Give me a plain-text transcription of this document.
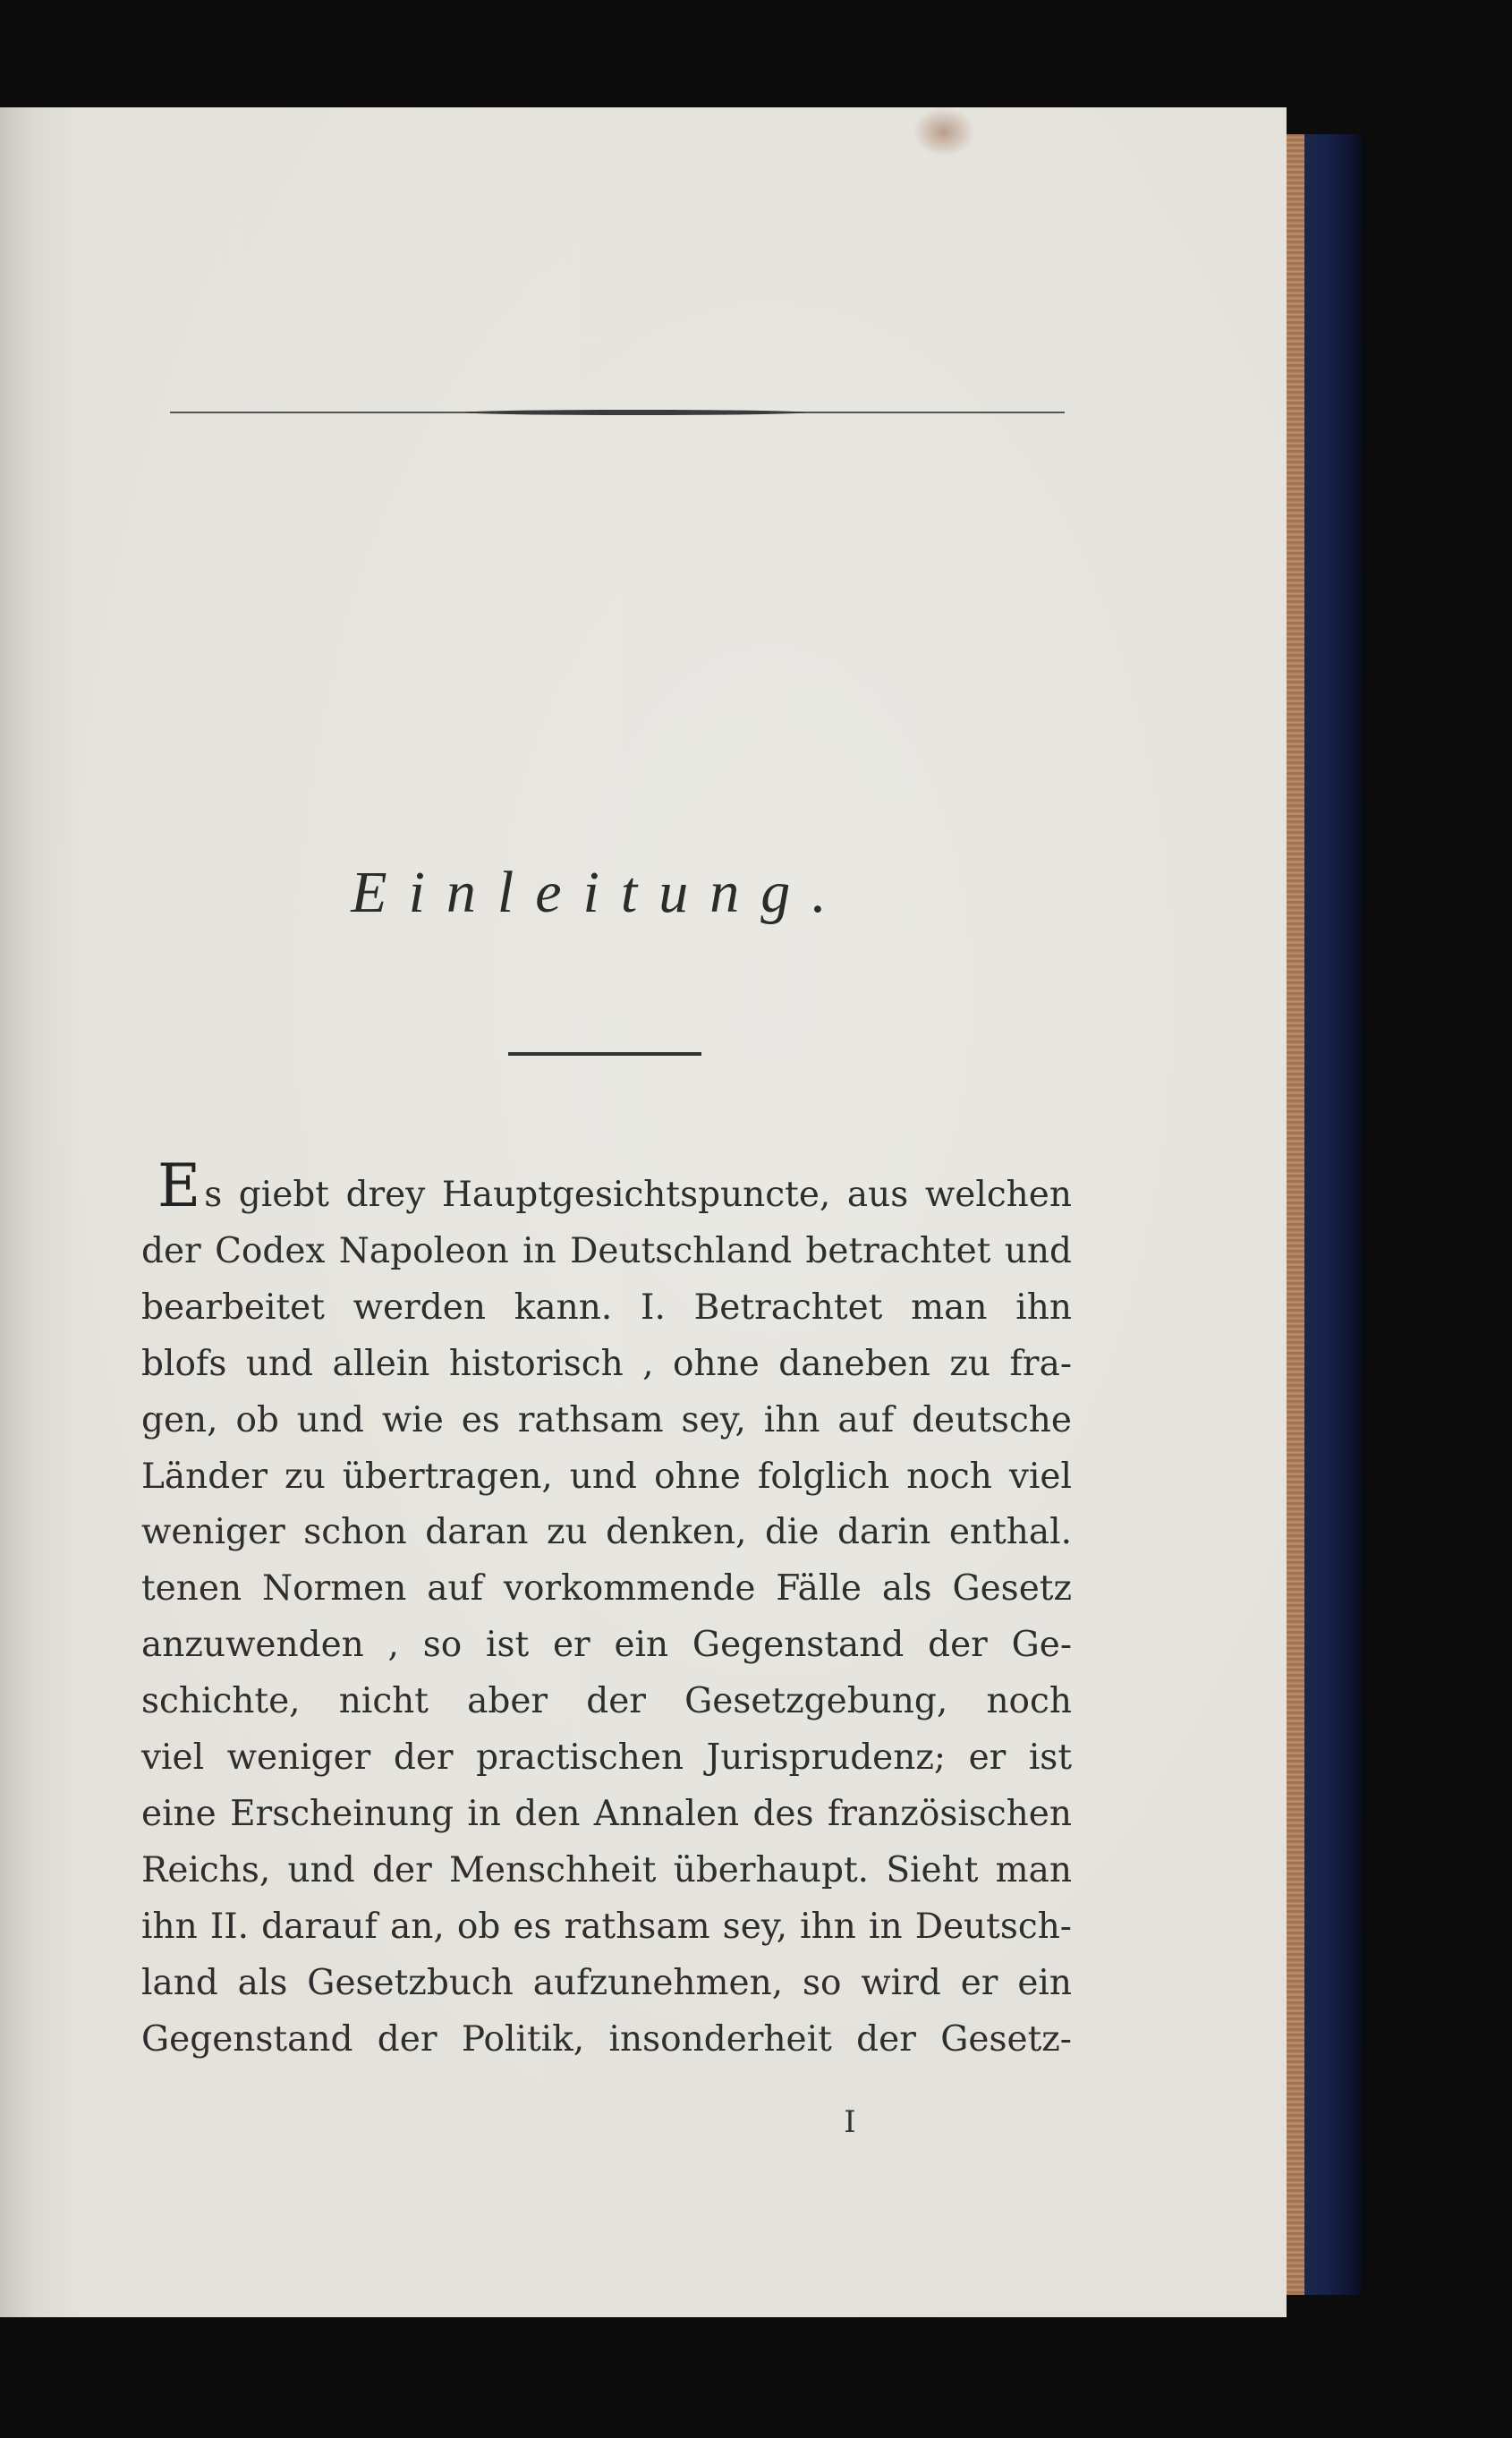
Einleitung.
Es giebt drey Hauptgesichtspuncte, aus welchen
der Codex Napoleon in Deutschland betrachtet und
bearbeitet werden kann. I. Betrachtet man ihn
blofs und allein historisch , ohne daneben zu fra-
gen, ob und wie es rathsam sey, ihn auf deutsche
Länder zu übertragen, und ohne folglich noch viel
weniger schon daran zu denken, die darin enthal.
tenen Normen auf vorkommende Fälle als Gesetz
anzuwenden , so ist er ein Gegenstand der Ge-
schichte, nicht aber der Gesetzgebung, noch
viel weniger der practischen Jurisprudenz; er ist
eine Erscheinung in den Annalen des französischen
Reichs, und der Menschheit überhaupt. Sieht man
ihn II. darauf an, ob es rathsam sey, ihn in Deutsch-
land als Gesetzbuch aufzunehmen, so wird er ein
Gegenstand der Politik, insonderheit der Gesetz-
I
